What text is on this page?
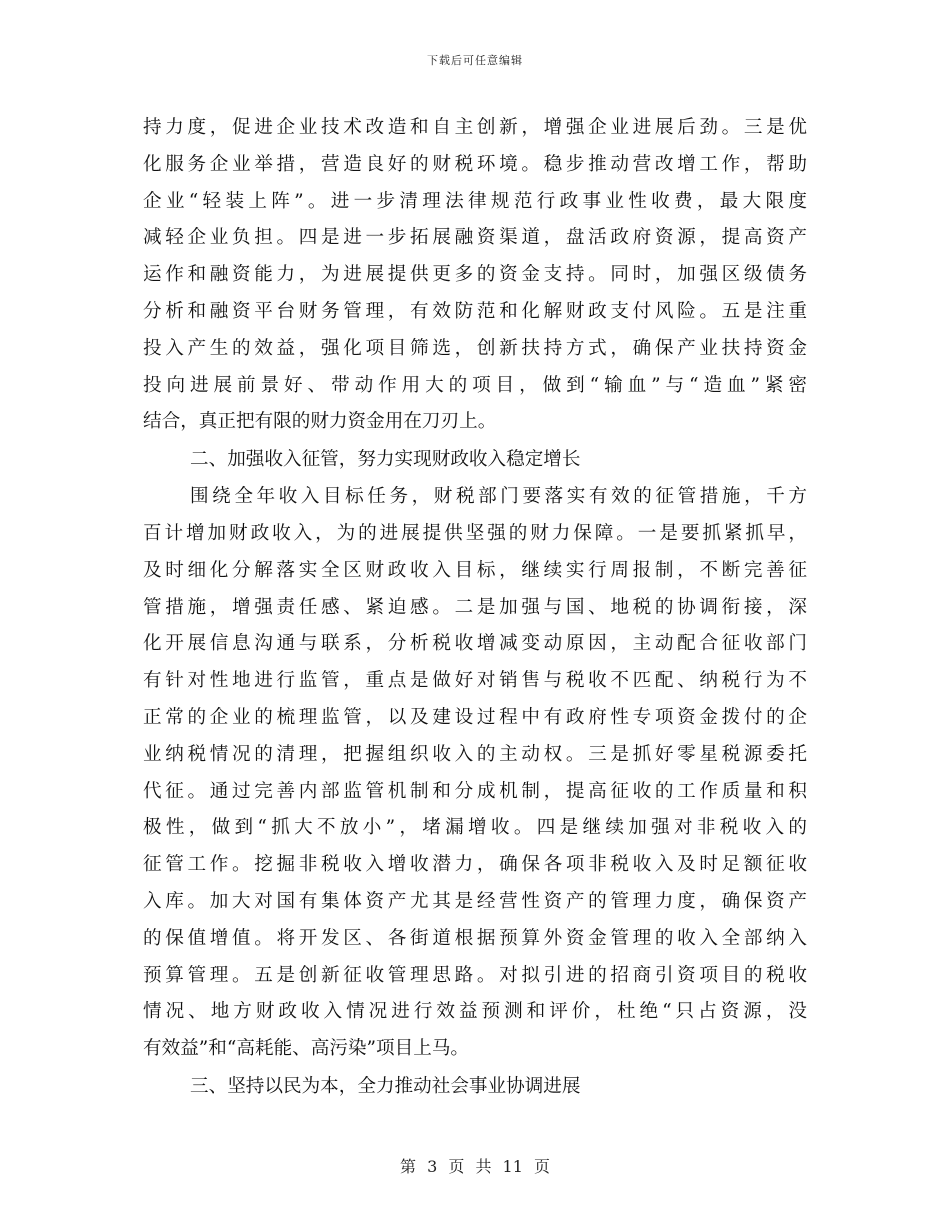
下载后可任意编辑
持力度，促进企业技术改造和自主创新，增强企业进展后劲。三是优
化服务企业举措，营造良好的财税环境。稳步推动营改增工作，帮助
企业“轻装上阵”。进一步清理法律规范行政事业性收费，最大限度
减轻企业负担。四是进一步拓展融资渠道，盘活政府资源，提高资产
运作和融资能力，为进展提供更多的资金支持。同时，加强区级债务
分析和融资平台财务管理，有效防范和化解财政支付风险。五是注重
投入产生的效益，强化项目筛选，创新扶持方式，确保产业扶持资金
投向进展前景好、带动作用大的项目，做到“输血”与“造血”紧密
结合，真正把有限的财力资金用在刀刃上。
二、加强收入征管，努力实现财政收入稳定增长
围绕全年收入目标任务，财税部门要落实有效的征管措施，千方
百计增加财政收入，为的进展提供坚强的财力保障。一是要抓紧抓早，
及时细化分解落实全区财政收入目标，继续实行周报制，不断完善征
管措施，增强责任感、紧迫感。二是加强与国、地税的协调衔接，深
化开展信息沟通与联系，分析税收增减变动原因，主动配合征收部门
有针对性地进行监管，重点是做好对销售与税收不匹配、纳税行为不
正常的企业的梳理监管，以及建设过程中有政府性专项资金拨付的企
业纳税情况的清理，把握组织收入的主动权。三是抓好零星税源委托
代征。通过完善内部监管机制和分成机制，提高征收的工作质量和积
极性，做到“抓大不放小”，堵漏增收。四是继续加强对非税收入的
征管工作。挖掘非税收入增收潜力，确保各项非税收入及时足额征收
入库。加大对国有集体资产尤其是经营性资产的管理力度，确保资产
的保值增值。将开发区、各街道根据预算外资金管理的收入全部纳入
预算管理。五是创新征收管理思路。对拟引进的招商引资项目的税收
情况、地方财政收入情况进行效益预测和评价，杜绝“只占资源，没
有效益”和“高耗能、高污染”项目上马。
三、坚持以民为本，全力推动社会事业协调进展
第 3 页 共 11 页
